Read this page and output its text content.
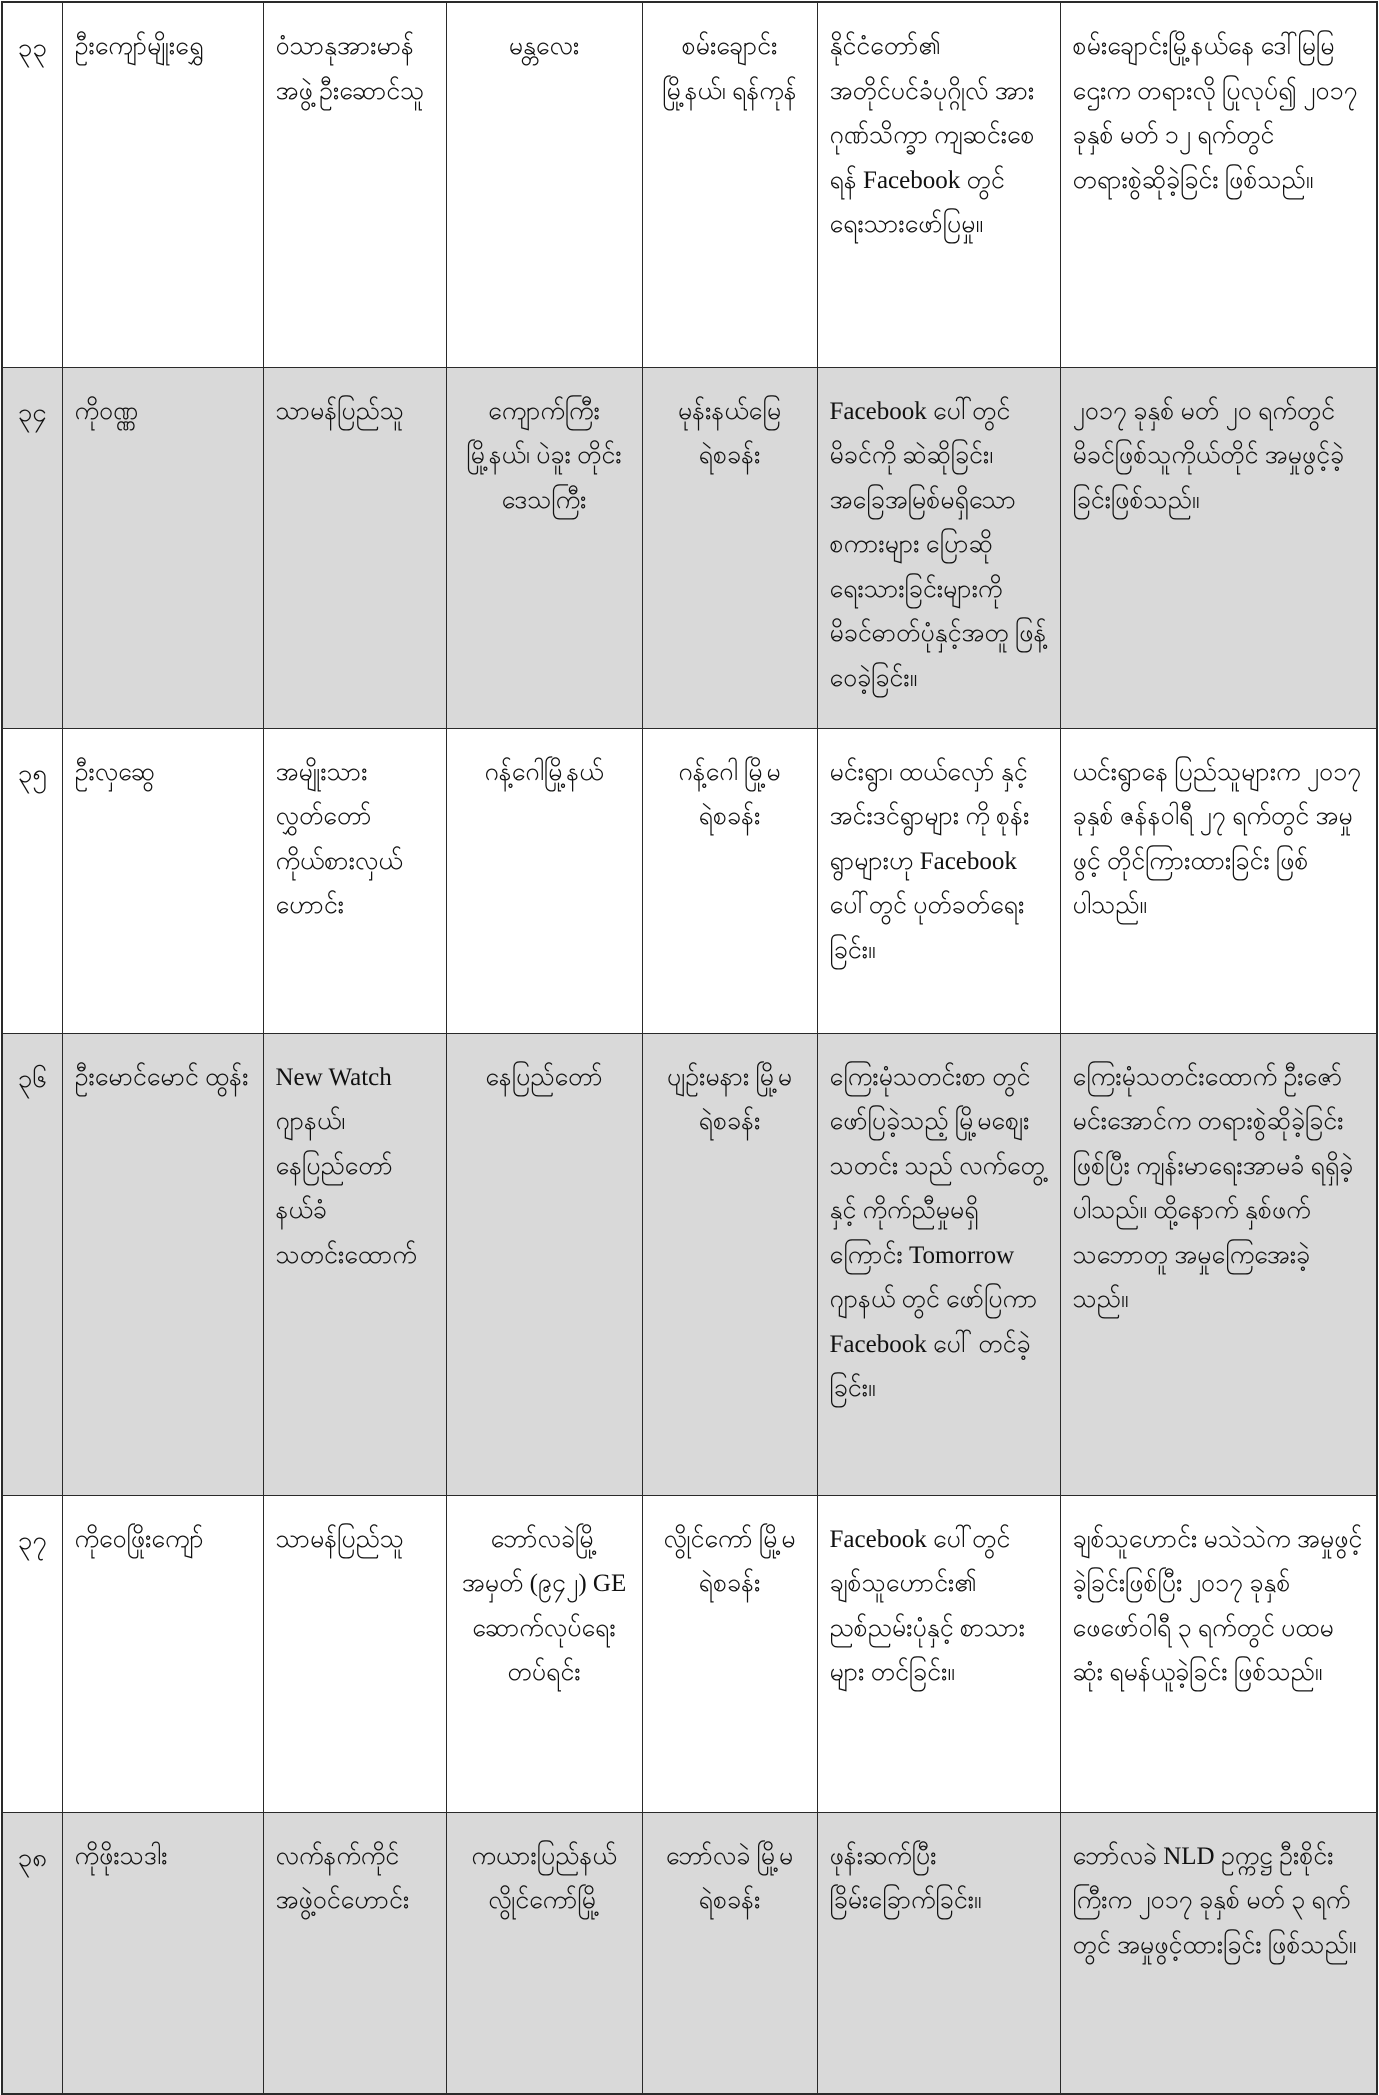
၃၃	ဦးကျော်မျိုးရွှေ	ဝံသာနုအားမာန် အဖွဲ့ ဦးဆောင်သူ	မန္တလေး	စမ်းချောင်း မြို့နယ်၊ ရန်ကုန်	နိုင်ငံတော်၏ အတိုင်ပင်ခံပုဂ္ဂိုလ် အား ဂုဏ်သိက္ခာ ကျဆင်းစေရန် Facebook တွင် ရေးသားဖော်ပြမှု။	စမ်းချောင်းမြို့နယ်နေ ဒေါ်မြမြဌေးက တရားလို ပြုလုပ်၍ ၂၀၁၇ ခုနှစ် မတ် ၁၂ ရက်တွင် တရားစွဲဆိုခဲ့ခြင်း ဖြစ်သည်။
၃၄	ကိုဝဏ္ဏ	သာမန်ပြည်သူ	ကျောက်ကြီး မြို့နယ်၊ ပဲခူး တိုင်းဒေသကြီး	မုန်းနယ်မြေ ရဲစခန်း	Facebook ပေါ်တွင် မိခင်ကို ဆဲဆိုခြင်း၊ အခြေအမြစ်မရှိသော စကားများ ပြောဆို ရေးသားခြင်းများကို မိခင်ဓာတ်ပုံနှင့်အတူ ဖြန့်ဝေခဲ့ခြင်း။	၂၀၁၇ ခုနှစ် မတ် ၂၀ ရက်တွင် မိခင်ဖြစ်သူကိုယ်တိုင် အမှုဖွင့်ခဲ့ခြင်းဖြစ်သည်။
၃၅	ဦးလှဆွေ	အမျိုးသား လွှတ်တော် ကိုယ်စားလှယ် ဟောင်း	ဂန့်ဂေါမြို့နယ်	ဂန့်ဂေါ မြို့မရဲစခန်း	မင်းရွာ၊ ထယ်လှော် နှင့် အင်းဒင်ရွာများ ကို စုန်းရွာများဟု Facebook ပေါ်တွင် ပုတ်ခတ်ရေးခြင်း။	ယင်းရွာနေ ပြည်သူများက ၂၀၁၇ ခုနှစ် ဇန်နဝါရီ ၂၇ ရက်တွင် အမှုဖွင့် တိုင်ကြားထားခြင်း ဖြစ်ပါသည်။
၃၆	ဦးမောင်မောင် ထွန်း	New Watch ဂျာနယ်၊ နေပြည်တော် နယ်ခံ သတင်းထောက်	နေပြည်တော်	ပျဉ်းမနား မြို့မရဲစခန်း	ကြေးမုံသတင်းစာ တွင် ဖော်ပြခဲ့သည့် မြို့မစျေးသတင်း သည် လက်တွေ့နှင့် ကိုက်ညီမှုမရှိကြောင်း Tomorrow ဂျာနယ် တွင် ဖော်ပြကာ Facebook ပေါ် တင်ခဲ့ခြင်း။	ကြေးမုံသတင်းထောက် ဦးဇော်မင်းအောင်က တရားစွဲဆိုခဲ့ခြင်းဖြစ်ပြီး ကျန်းမာရေးအာမခံ ရရှိခဲ့ပါသည်။ ထို့နောက် နှစ်ဖက်သဘောတူ အမှုကြေအေးခဲ့သည်။
၃၇	ကိုဝေဖြိုးကျော်	သာမန်ပြည်သူ	ဘော်လခဲမြို့ အမှတ် (၉၄၂) GE ဆောက်လုပ်ရေး တပ်ရင်း	လွိုင်ကော် မြို့မရဲစခန်း	Facebook ပေါ်တွင် ချစ်သူဟောင်း၏ ညစ်ညမ်းပုံနှင့် စာသားများ တင်ခြင်း။	ချစ်သူဟောင်း မသဲသဲက အမှုဖွင့်ခဲ့ခြင်းဖြစ်ပြီး ၂၀၁၇ ခုနှစ် ဖေဖော်ဝါရီ ၃ ရက်တွင် ပထမဆုံး ရမန်ယူခဲ့ခြင်း ဖြစ်သည်။
၃၈	ကိုဖိုးသဒါး	လက်နက်ကိုင် အဖွဲ့ဝင်ဟောင်း	ကယားပြည်နယ် လွိုင်ကော်မြို့	ဘော်လခဲ မြို့မရဲစခန်း	ဖုန်းဆက်ပြီး ခြိမ်းခြောက်ခြင်း။	ဘော်လခဲ NLD ဥက္ကဋ္ဌ ဦးစိုင်းကြီးက ၂၀၁၇ ခုနှစ် မတ် ၃ ရက်တွင် အမှုဖွင့်ထားခြင်း ဖြစ်သည်။
